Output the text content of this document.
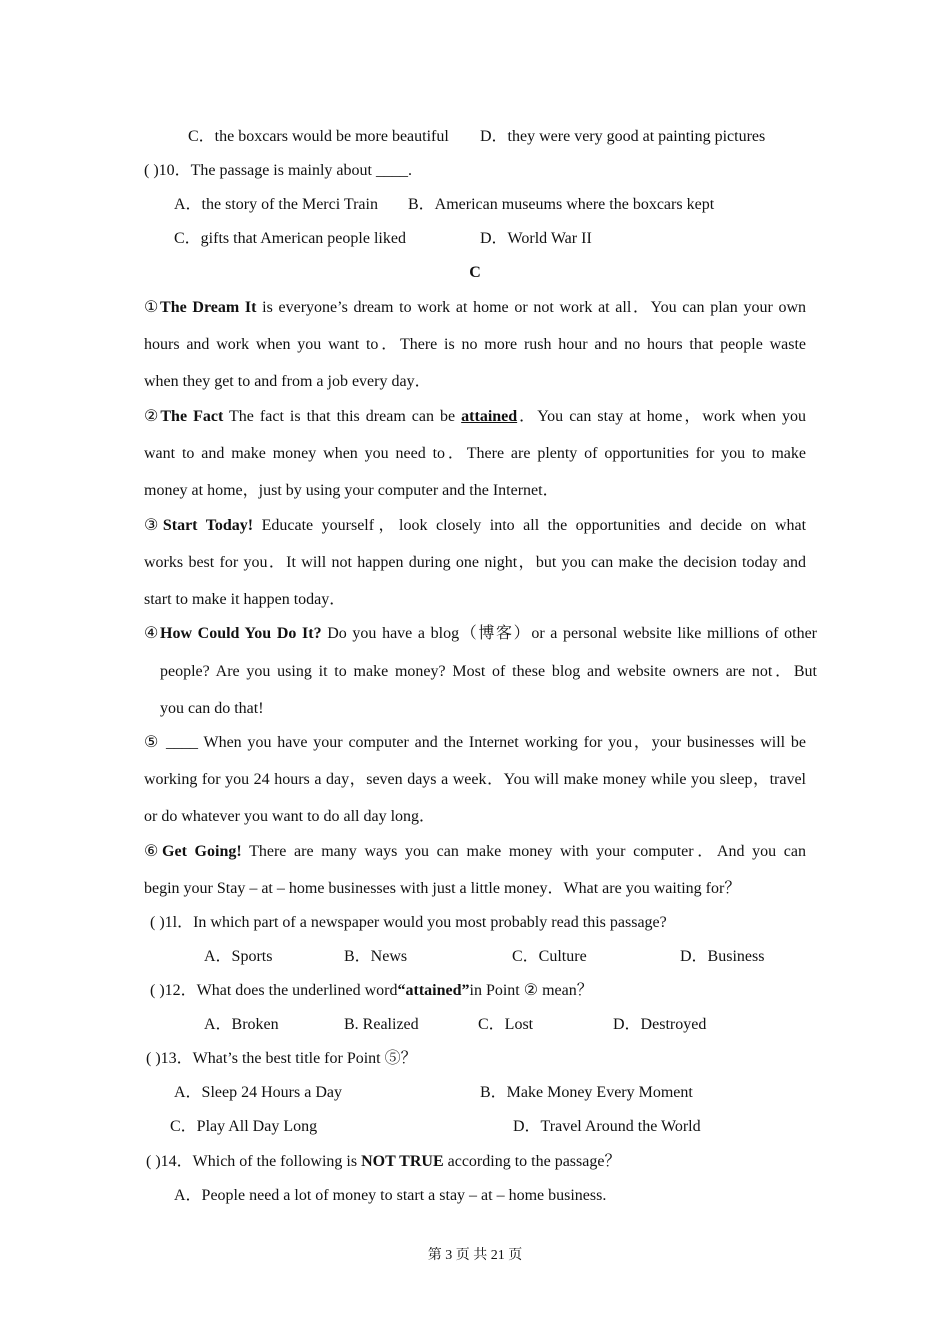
C．the boxcars would be more beautiful D．they were very good at painting pictures
( )10．The passage is mainly about ____.
A．the story of the Merci Train B．American museums where the boxcars kept
C．gifts that American people liked	D．World War II
C
①The Dream It is everyone’s dream to work at home or not work at all．You can plan your own
hours and work when you want to．There is no more rush hour and no hours that people waste
when they get to and from a job every day．
②The Fact The fact is that this dream can be attained．You can stay at home，work when you
want to and make money when you need to．There are plenty of opportunities for you to make
money at home，just by using your computer and the Internet．
③Start Today! Educate yourself，look closely into all the opportunities and decide on what
works best for you．It will not happen during one night，but you can make the decision today and
start to make it happen today．
④How Could You Do It? Do you have a blog（博客）or a personal website like millions of other
people? Are you using it to make money? Most of these blog and website owners are not．But
you can do that!
⑤ ____ When you have your computer and the Internet working for you，your businesses will be
working for you 24 hours a day，seven days a week．You will make money while you sleep，travel
or do whatever you want to do all day long．
⑥Get Going! There are many ways you can make money with your computer．And you can
begin your Stay – at – home businesses with just a little money．What are you waiting for？
( )1l．In which part of a newspaper would you most probably read this passage?
A．Sports	B．News	C．Culture	D．Business
( )12．What does the underlined word“attained”in Point ② mean？
A．Broken	B. Realized	C．Lost	D．Destroyed
( )13．What’s the best title for Point ⑤？
A．Sleep 24 Hours a Day	B．Make Money Every Moment
C．Play All Day Long	D．Travel Around the World
( )14．Which of the following is NOT TRUE according to the passage？
A．People need a lot of money to start a stay – at – home business.
第 3 页 共 21 页
